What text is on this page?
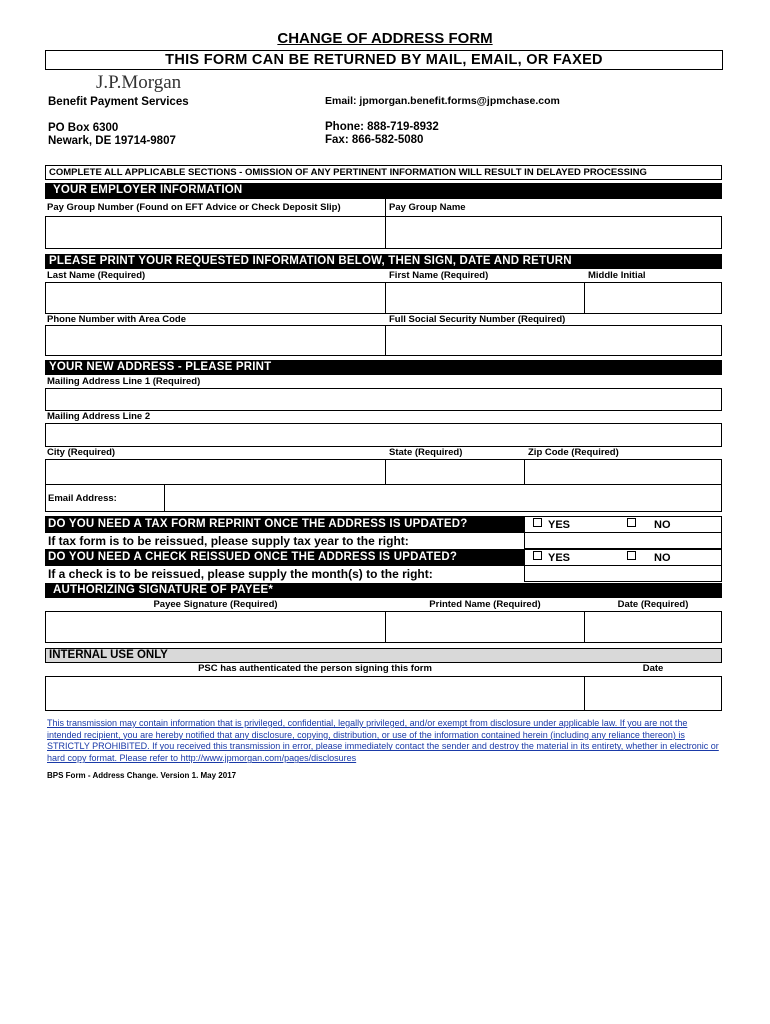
CHANGE OF ADDRESS FORM
THIS FORM CAN BE RETURNED BY MAIL, EMAIL, OR FAXED
J.P.Morgan
Benefit Payment Services
PO Box 6300
Newark, DE 19714-9807
Email: jpmorgan.benefit.forms@jpmchase.com
Phone: 888-719-8932
Fax: 866-582-5080
COMPLETE ALL APPLICABLE SECTIONS - OMISSION OF ANY PERTINENT INFORMATION WILL RESULT IN DELAYED PROCESSING
YOUR EMPLOYER INFORMATION
Pay Group Number (Found on EFT Advice or Check Deposit Slip)	Pay Group Name
PLEASE PRINT YOUR REQUESTED INFORMATION BELOW, THEN SIGN, DATE AND RETURN
Last Name (Required)	First Name (Required)	Middle Initial
Phone Number with Area Code	Full Social Security Number (Required)
YOUR NEW ADDRESS - PLEASE PRINT
Mailing Address Line 1 (Required)
Mailing Address Line 2
City (Required)	State (Required)	Zip Code (Required)
Email Address:
DO YOU NEED A TAX FORM REPRINT ONCE THE ADDRESS IS UPDATED?	YES	NO
If tax form is to be reissued, please supply tax year to the right:
DO YOU NEED A CHECK REISSUED ONCE THE ADDRESS IS UPDATED?	YES	NO
If a check is to be reissued, please supply the month(s) to the right:
AUTHORIZING SIGNATURE OF PAYEE*
Payee Signature (Required)	Printed Name (Required)	Date (Required)
INTERNAL USE ONLY
PSC has authenticated the person signing this form	Date
This transmission may contain information that is privileged, confidential, legally privileged, and/or exempt from disclosure under applicable law. If you are not the intended recipient, you are hereby notified that any disclosure, copying, distribution, or use of the information contained herein (including any reliance thereon) is STRICTLY PROHIBITED. If you received this transmission in error, please immediately contact the sender and destroy the material in its entirety, whether in electronic or hard copy format. Please refer to http://www.jpmorgan.com/pages/disclosures
BPS Form - Address Change. Version 1. May 2017
